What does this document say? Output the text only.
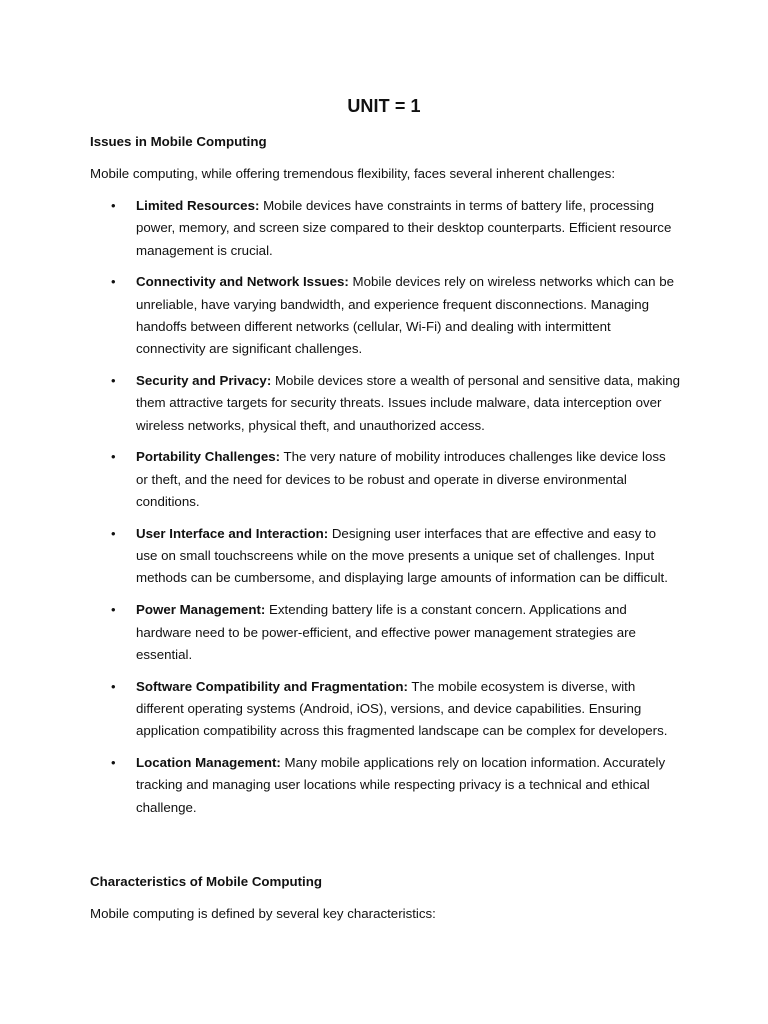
UNIT = 1
Issues in Mobile Computing
Mobile computing, while offering tremendous flexibility, faces several inherent challenges:
• Limited Resources: Mobile devices have constraints in terms of battery life, processing power, memory, and screen size compared to their desktop counterparts. Efficient resource management is crucial.
• Connectivity and Network Issues: Mobile devices rely on wireless networks which can be unreliable, have varying bandwidth, and experience frequent disconnections. Managing handoffs between different networks (cellular, Wi-Fi) and dealing with intermittent connectivity are significant challenges.
• Security and Privacy: Mobile devices store a wealth of personal and sensitive data, making them attractive targets for security threats. Issues include malware, data interception over wireless networks, physical theft, and unauthorized access.
• Portability Challenges: The very nature of mobility introduces challenges like device loss or theft, and the need for devices to be robust and operate in diverse environmental conditions.
• User Interface and Interaction: Designing user interfaces that are effective and easy to use on small touchscreens while on the move presents a unique set of challenges. Input methods can be cumbersome, and displaying large amounts of information can be difficult.
• Power Management: Extending battery life is a constant concern. Applications and hardware need to be power-efficient, and effective power management strategies are essential.
• Software Compatibility and Fragmentation: The mobile ecosystem is diverse, with different operating systems (Android, iOS), versions, and device capabilities. Ensuring application compatibility across this fragmented landscape can be complex for developers.
• Location Management: Many mobile applications rely on location information. Accurately tracking and managing user locations while respecting privacy is a technical and ethical challenge.
Characteristics of Mobile Computing
Mobile computing is defined by several key characteristics:
